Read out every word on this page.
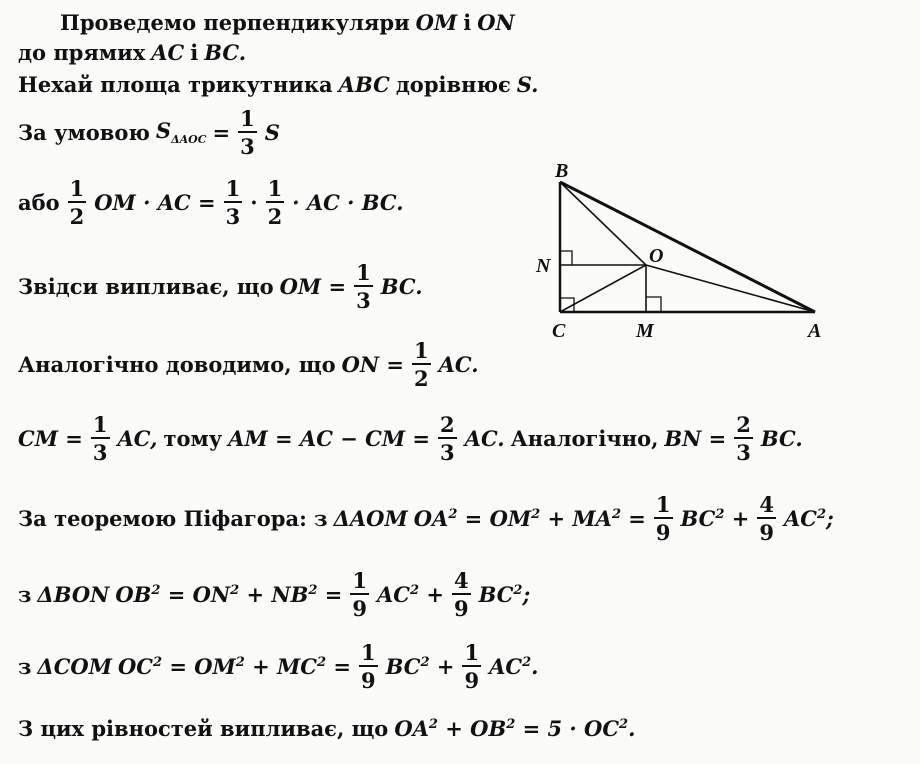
Проведемо перпендикуляри OM і ON
до прямих AC і BC.
Нехай площа трикутника ABC дорівнює S.
За умовою $S_{\Delta AOC} = \frac{1}{3}$ S
або $\frac{1}{2}$ OM · AC = $\frac{1}{3} \cdot \frac{1}{2}$ · AC · BC.
Звідси випливає, що OM = $\frac{1}{3}$ BC.
Аналогічно доводимо, що ON = $\frac{1}{2}$ AC.
CM = $\frac{1}{3}$ AC, тому AM = AC − CM = $\frac{2}{3}$ AC. Аналогічно, BN = $\frac{2}{3}$ BC.
За теоремою Піфагора: з ΔAOM $OA^2 = OM^2 + MA^2 = \frac{1}{9} BC^2 + \frac{4}{9} AC^2$;
з ΔBON $OB^2 = ON^2 + NB^2 = \frac{1}{9} AC^2 + \frac{4}{9} BC^2$;
з ΔCOM $OC^2 = OM^2 + MC^2 = \frac{1}{9} BC^2 + \frac{1}{9} AC^2$.
З цих рівностей випливає, що $OA^2 + OB^2 = 5 \cdot OC^2$.
B
N	O
C	M	A
